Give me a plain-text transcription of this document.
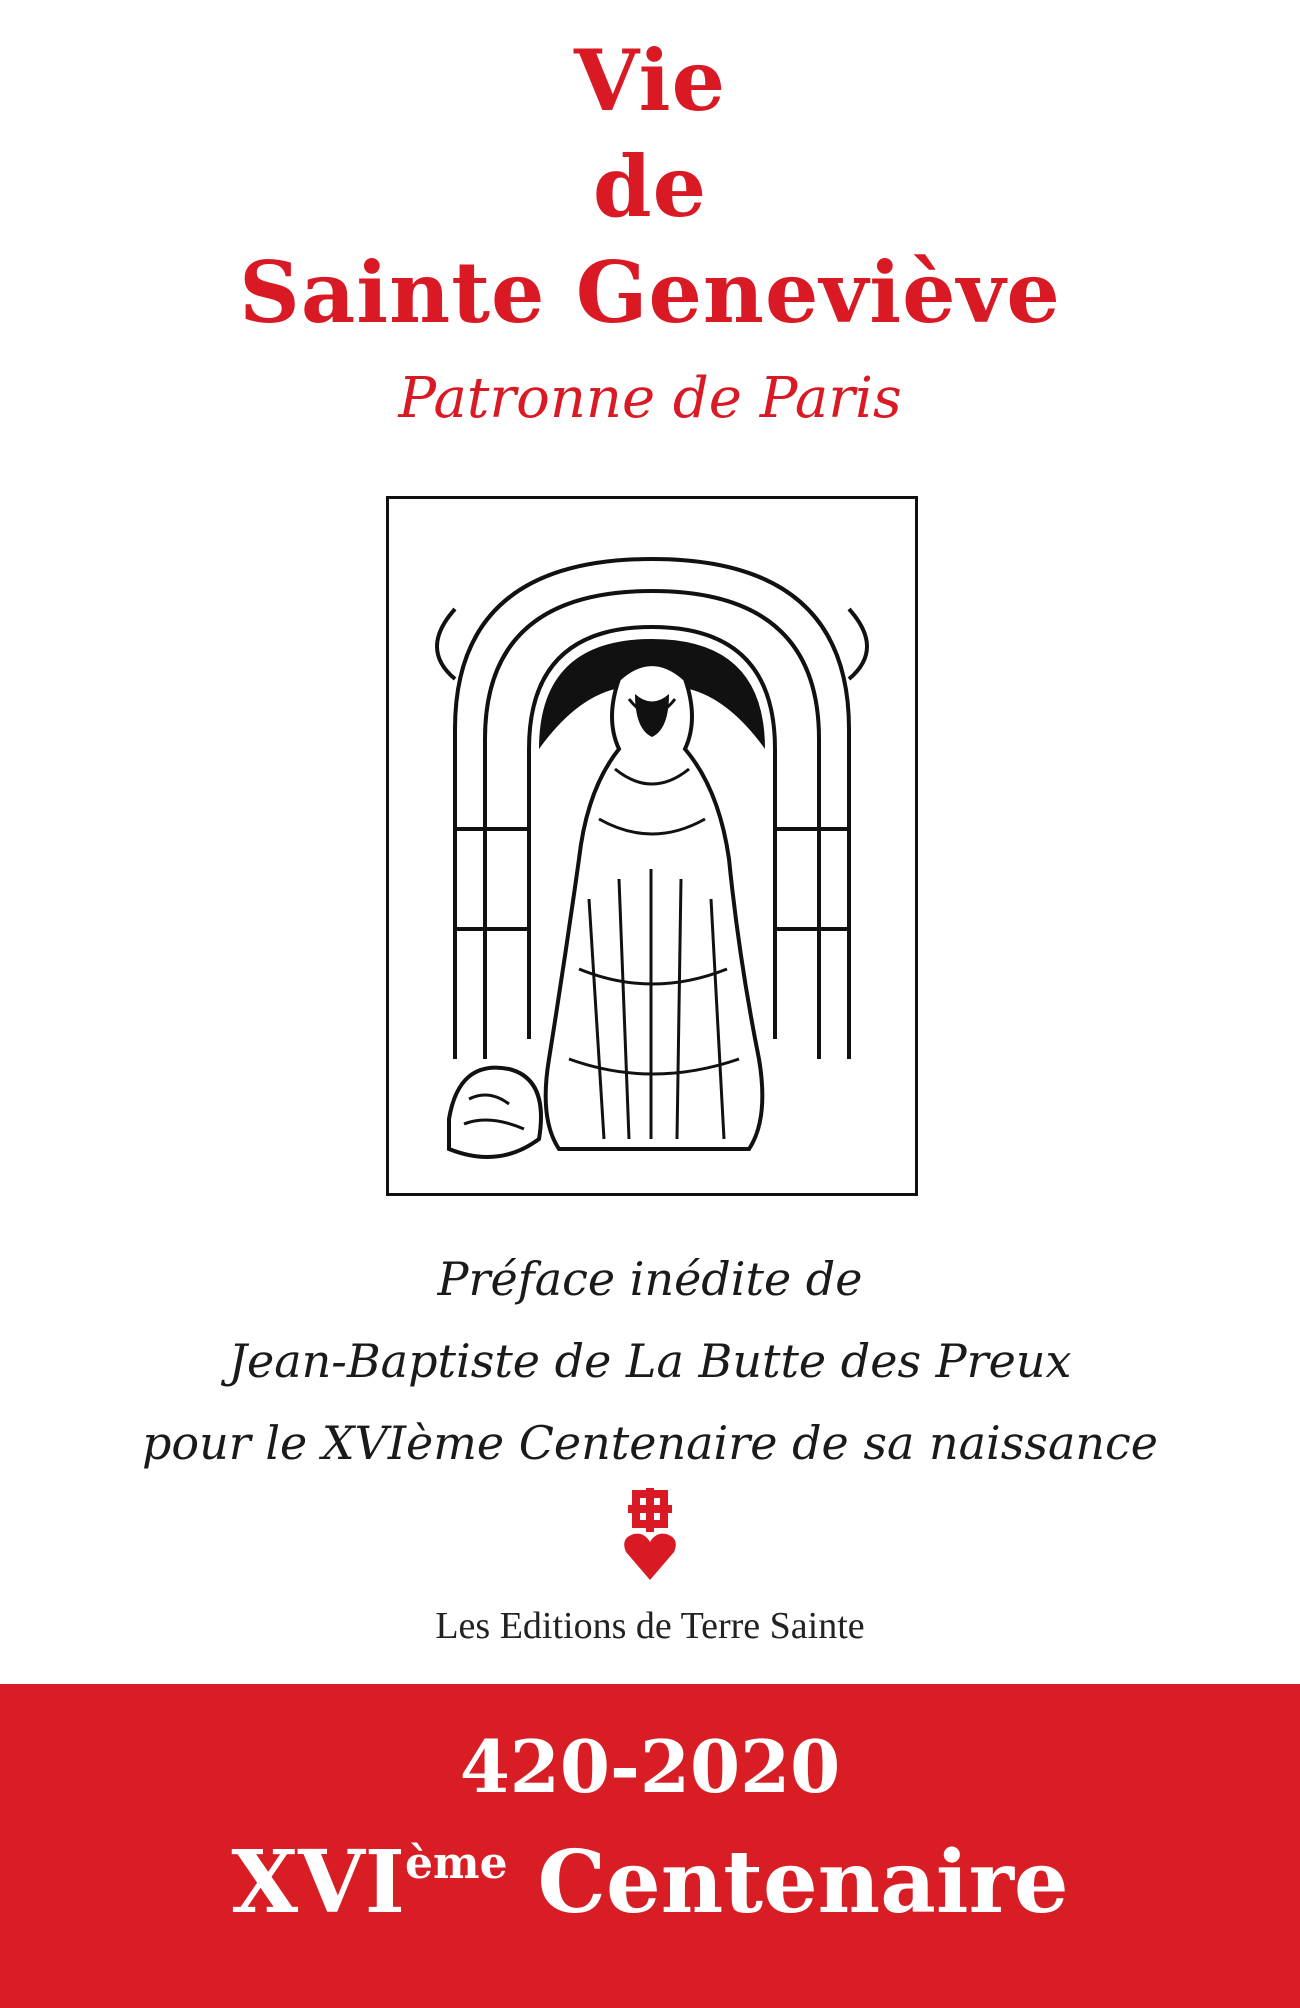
Vie
de
Sainte Geneviève
Patronne de Paris
Préface inédite de
Jean-Baptiste de La Butte des Preux
pour le XVIème Centenaire de sa naissance
Les Editions de Terre Sainte
420-2020
XVIème Centenaire
